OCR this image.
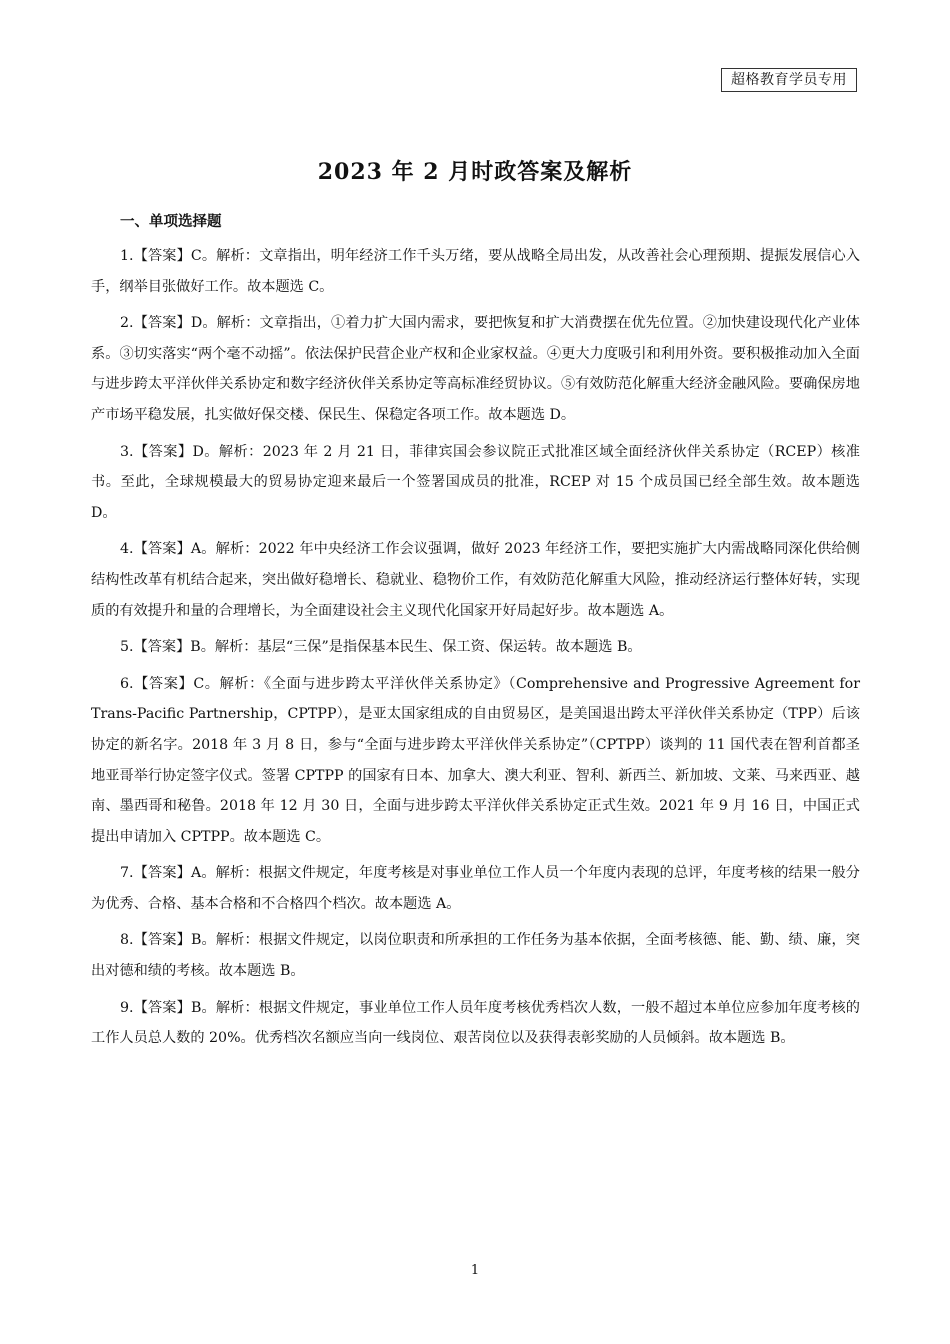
超格教育学员专用
2023 年 2 月时政答案及解析
一、单项选择题

1.【答案】C。解析：文章指出，明年经济工作千头万绪，要从战略全局出发，从改善社会心理预期、提振发展信心入手，纲举目张做好工作。故本题选 C。

2.【答案】D。解析：文章指出，①着力扩大国内需求，要把恢复和扩大消费摆在优先位置。②加快建设现代化产业体系。③切实落实“两个毫不动摇”。依法保护民营企业产权和企业家权益。④更大力度吸引和利用外资。要积极推动加入全面与进步跨太平洋伙伴关系协定和数字经济伙伴关系协定等高标准经贸协议。⑤有效防范化解重大经济金融风险。要确保房地产市场平稳发展，扎实做好保交楼、保民生、保稳定各项工作。故本题选 D。

3.【答案】D。解析：2023 年 2 月 21 日，菲律宾国会参议院正式批准区域全面经济伙伴关系协定（RCEP）核准书。至此，全球规模最大的贸易协定迎来最后一个签署国成员的批准，RCEP 对 15 个成员国已经全部生效。故本题选 D。

4.【答案】A。解析：2022 年中央经济工作会议强调，做好 2023 年经济工作，要把实施扩大内需战略同深化供给侧结构性改革有机结合起来，突出做好稳增长、稳就业、稳物价工作，有效防范化解重大风险，推动经济运行整体好转，实现质的有效提升和量的合理增长，为全面建设社会主义现代化国家开好局起好步。故本题选 A。

5.【答案】B。解析：基层“三保”是指保基本民生、保工资、保运转。故本题选 B。

6.【答案】C。解析：《全面与进步跨太平洋伙伴关系协定》（Comprehensive and Progressive Agreement for Trans-Pacific Partnership，CPTPP），是亚太国家组成的自由贸易区，是美国退出跨太平洋伙伴关系协定（TPP）后该协定的新名字。2018 年 3 月 8 日，参与“全面与进步跨太平洋伙伴关系协定”（CPTPP）谈判的 11 国代表在智利首都圣地亚哥举行协定签字仪式。签署 CPTPP 的国家有日本、加拿大、澳大利亚、智利、新西兰、新加坡、文莱、马来西亚、越南、墨西哥和秘鲁。2018 年 12 月 30 日，全面与进步跨太平洋伙伴关系协定正式生效。2021 年 9 月 16 日，中国正式提出申请加入 CPTPP。故本题选 C。

7.【答案】A。解析：根据文件规定，年度考核是对事业单位工作人员一个年度内表现的总评，年度考核的结果一般分为优秀、合格、基本合格和不合格四个档次。故本题选 A。

8.【答案】B。解析：根据文件规定，以岗位职责和所承担的工作任务为基本依据，全面考核德、能、勤、绩、廉，突出对德和绩的考核。故本题选 B。

9.【答案】B。解析：根据文件规定，事业单位工作人员年度考核优秀档次人数，一般不超过本单位应参加年度考核的工作人员总人数的 20%。优秀档次名额应当向一线岗位、艰苦岗位以及获得表彰奖励的人员倾斜。故本题选 B。

1
